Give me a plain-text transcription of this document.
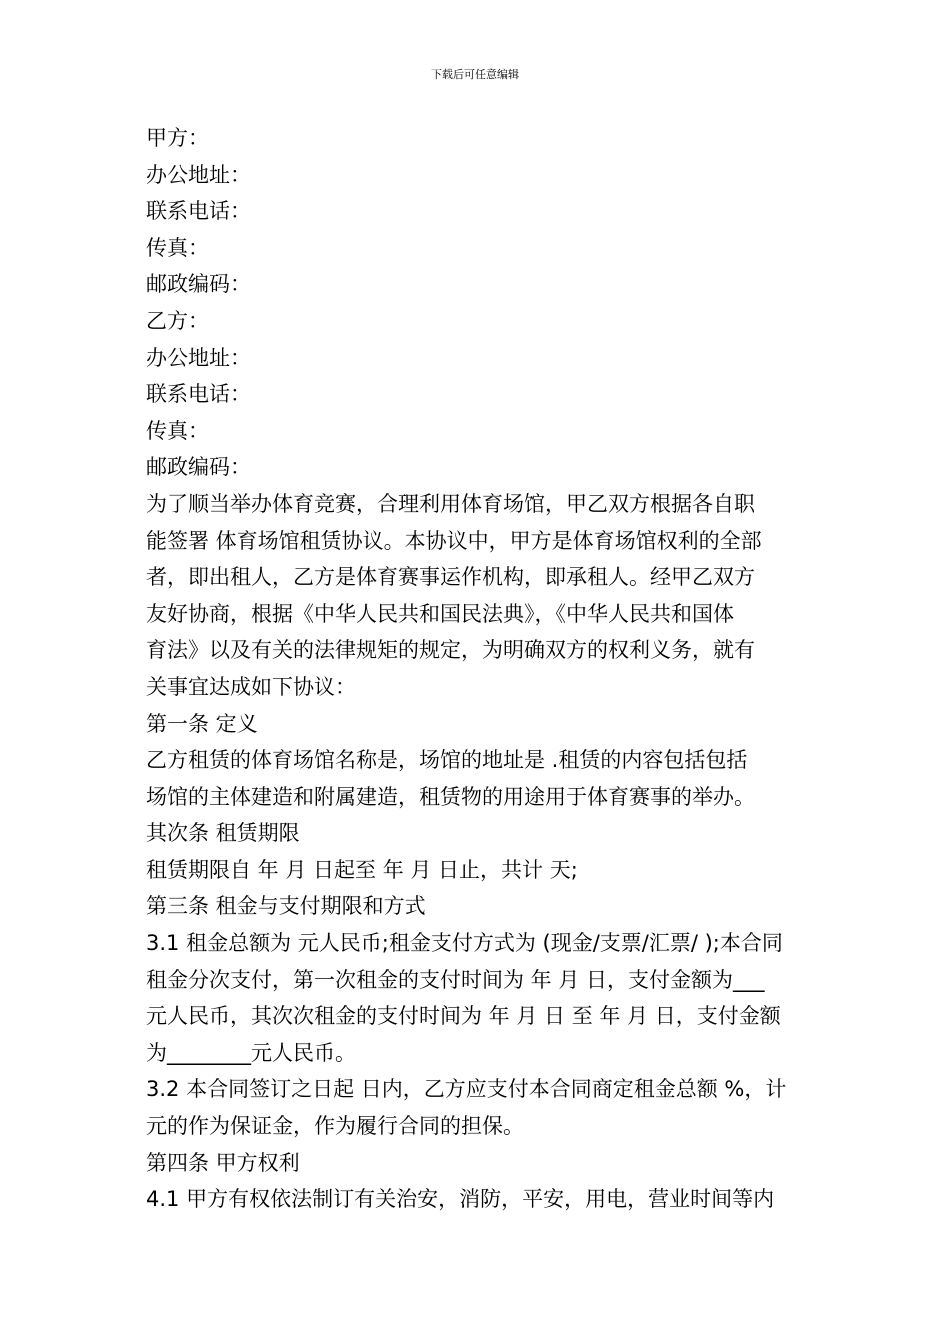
下载后可任意编辑
甲方：
办公地址：
联系电话：
传真：
邮政编码：
乙方：
办公地址：
联系电话：
传真：
邮政编码：
为了顺当举办体育竞赛，合理利用体育场馆，甲乙双方根据各自职
能签署 体育场馆租赁协议。本协议中，甲方是体育场馆权利的全部
者，即出租人，乙方是体育赛事运作机构，即承租人。经甲乙双方
友好协商，根据《中华人民共和国民法典》，《中华人民共和国体
育法》以及有关的法律规矩的规定，为明确双方的权利义务，就有
关事宜达成如下协议：
第一条 定义
乙方租赁的体育场馆名称是，场馆的地址是 .租赁的内容包括包括
场馆的主体建造和附属建造，租赁物的用途用于体育赛事的举办。
其次条 租赁期限
租赁期限自 年 月 日起至 年 月 日止，共计 天;
第三条 租金与支付期限和方式
3.1 租金总额为 元人民币;租金支付方式为 (现金/支票/汇票/ );本合同
租金分次支付，第一次租金的支付时间为 年 月 日，支付金额为___
元人民币，其次次租金的支付时间为 年 月 日 至 年 月 日，支付金额
为________元人民币。
3.2 本合同签订之日起 日内，乙方应支付本合同商定租金总额 %，计
元的作为保证金，作为履行合同的担保。
第四条 甲方权利
4.1 甲方有权依法制订有关治安，消防，平安，用电，营业时间等内
